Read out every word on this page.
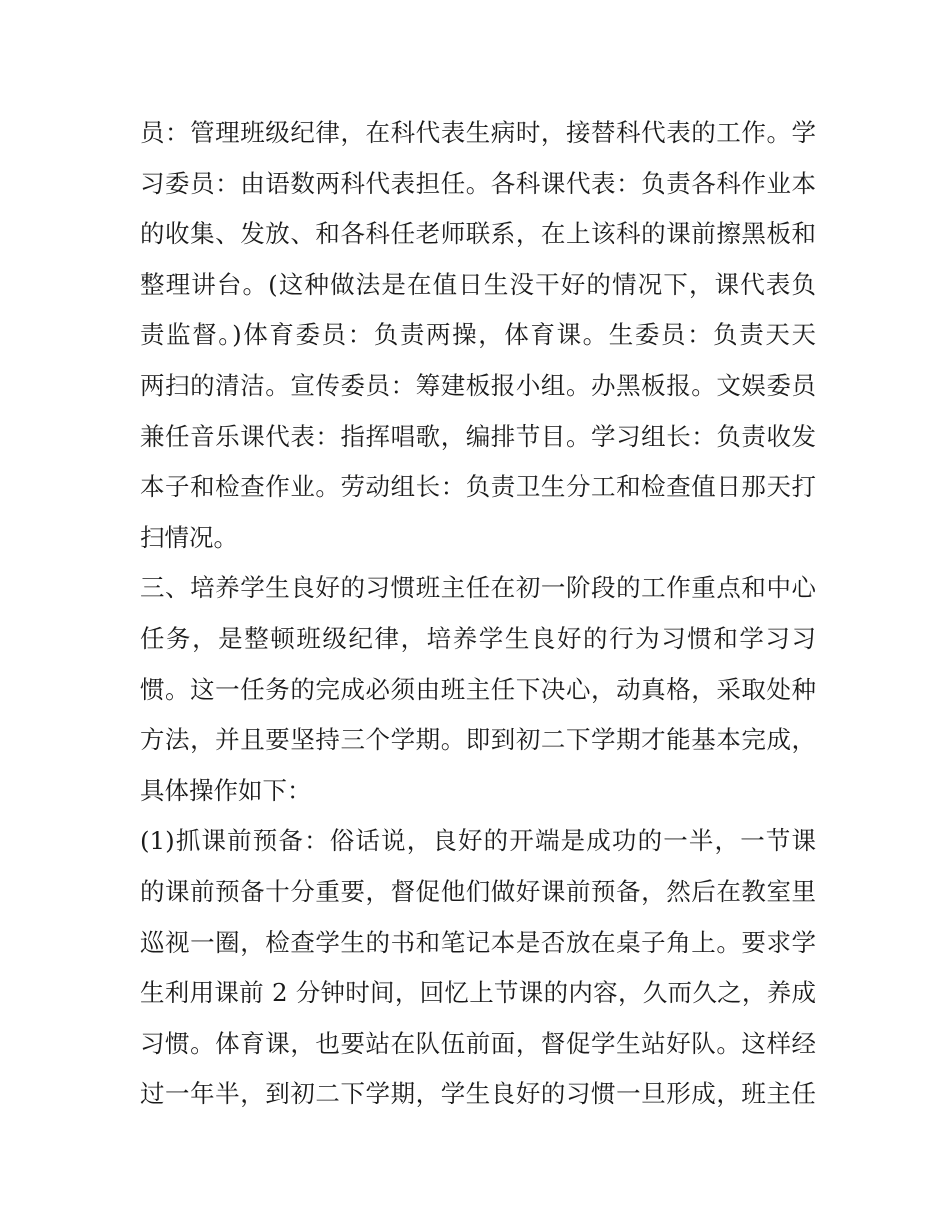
员：管理班级纪律，在科代表生病时，接替科代表的工作。学
习委员：由语数两科代表担任。各科课代表：负责各科作业本
的收集、发放、和各科任老师联系，在上该科的课前擦黑板和
整理讲台。(这种做法是在值日生没干好的情况下，课代表负
责监督。)体育委员：负责两操，体育课。生委员：负责天天
两扫的清洁。宣传委员：筹建板报小组。办黑板报。文娱委员
兼任音乐课代表：指挥唱歌，编排节目。学习组长：负责收发
本子和检查作业。劳动组长：负责卫生分工和检查值日那天打
扫情况。
三、培养学生良好的习惯班主任在初一阶段的工作重点和中心
任务，是整顿班级纪律，培养学生良好的行为习惯和学习习
惯。这一任务的完成必须由班主任下决心，动真格，采取处种
方法，并且要坚持三个学期。即到初二下学期才能基本完成，
具体操作如下：
(1)抓课前预备：俗话说，良好的开端是成功的一半，一节课
的课前预备十分重要，督促他们做好课前预备，然后在教室里
巡视一圈，检查学生的书和笔记本是否放在桌子角上。要求学
生利用课前 2 分钟时间，回忆上节课的内容，久而久之，养成
习惯。体育课，也要站在队伍前面，督促学生站好队。这样经
过一年半，到初二下学期，学生良好的习惯一旦形成，班主任
